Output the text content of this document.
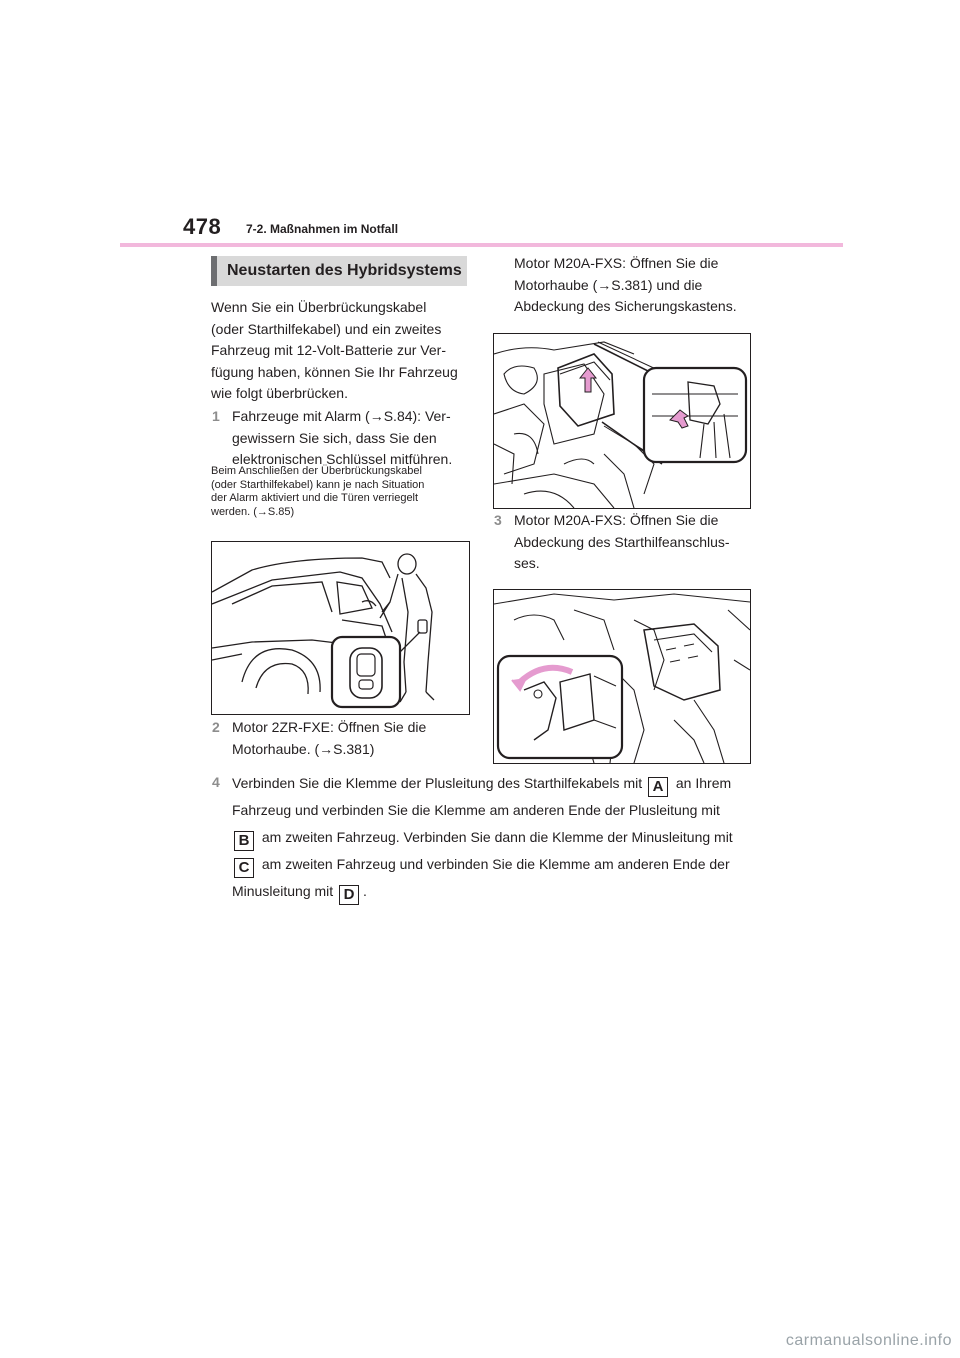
478 7-2. Maßnahmen im Notfall
Neustarten des Hybridsystems
Wenn Sie ein Überbrückungskabel
(oder Starthilfekabel) und ein zweites
Fahrzeug mit 12-Volt-Batterie zur Ver-
fügung haben, können Sie Ihr Fahrzeug
wie folgt überbrücken.
1 Fahrzeuge mit Alarm (→S.84): Ver-
gewissern Sie sich, dass Sie den
elektronischen Schlüssel mitführen.
Beim Anschließen der Überbrückungskabel
(oder Starthilfekabel) kann je nach Situation
der Alarm aktiviert und die Türen verriegelt
werden. (→S.85)
2 Motor 2ZR-FXE: Öffnen Sie die
Motorhaube. (→S.381)
Motor M20A-FXS: Öffnen Sie die
Motorhaube (→S.381) und die
Abdeckung des Sicherungskastens.
3 Motor M20A-FXS: Öffnen Sie die
Abdeckung des Starthilfeanschlus-
ses.
4 Verbinden Sie die Klemme der Plusleitung des Starthilfekabels mit A an Ihrem
Fahrzeug und verbinden Sie die Klemme am anderen Ende der Plusleitung mit
B am zweiten Fahrzeug. Verbinden Sie dann die Klemme der Minusleitung mit
C am zweiten Fahrzeug und verbinden Sie die Klemme am anderen Ende der
Minusleitung mit D .
carmanualsonline.info
